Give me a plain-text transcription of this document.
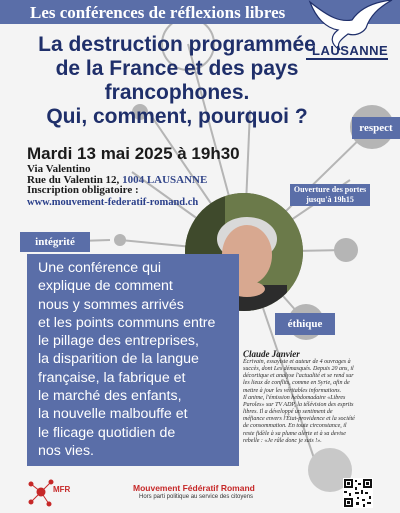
Les conférences de réflexions libres
LAUSANNE
La destruction programmée
de la France et des pays
francophones.
Qui, comment, pourquoi ?	respect
intégrité
éthique
Mardi 13 mai 2025 à 19h30
Via Valentino
Rue du Valentin 12, 1004 LAUSANNE
Inscription obligatoire :
www.mouvement-federatif-romand.ch
Ouverture des portes
jusqu'à 19h15
Une conférence qui
explique de comment
nous y sommes arrivés
et les points communs entre
le pillage des entreprises,
la disparition de la langue
française, la fabrique et
le marché des enfants,
la nouvelle malbouffe et
le flicage quotidien de
nos vies.
Claude Janvier
Écrivain, essayiste et auteur de 4 ouvrages à
succès, dont Les démasqués. Depuis 20 ans, il
décortique et analyse l'actualité et se rend sur
les lieux de conflits, comme en Syrie, afin de
mettre à jour les véritables informations.
Il anime, l'émission hebdomadaire «Libres
Paroles» sur TV ADP, la télévision des esprits
libres. Il a développé un sentiment de
méfiance envers l'État-providence et la société
de consommation. En toute circonstance, il
reste fidèle à sa plume alerte et à sa devise
rebelle : «Je râle donc je suis !».
MFR	Mouvement Fédératif Romand
Hors parti politique au service des citoyens
